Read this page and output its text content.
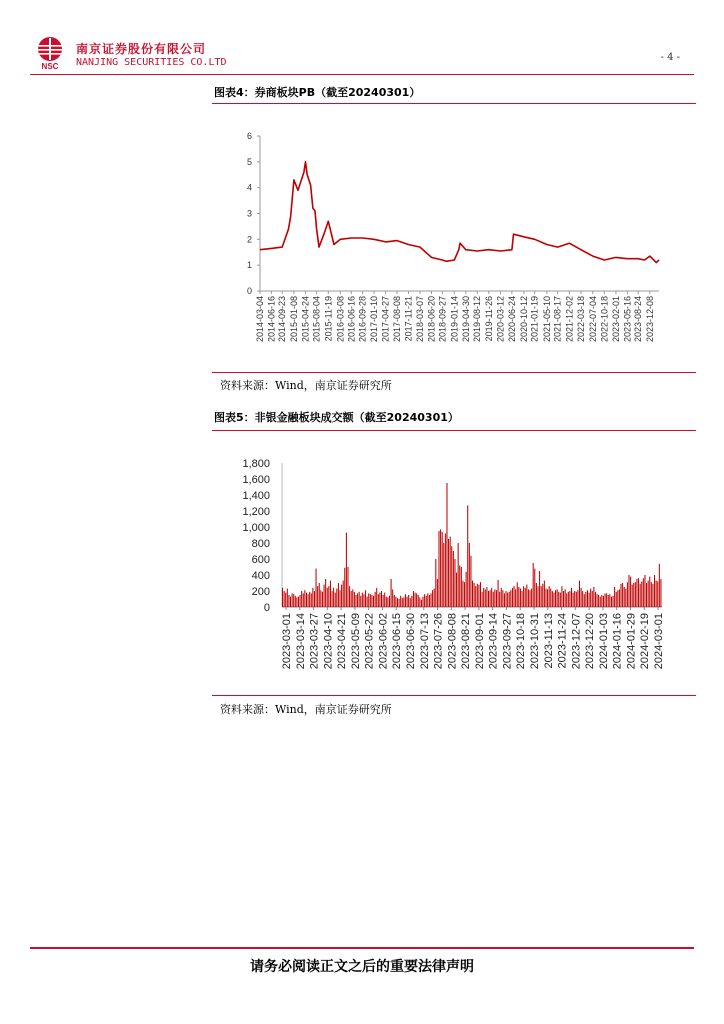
NSC
南京证券股份有限公司
NANJING SECURITIES CO.LTD	- 4 -
图表4：券商板块PB（截至20240301）
0
1
2
3
4
5
6
2014-03-04 2014-06-16 2014-09-23 2015-01-08 2015-04-24 2015-08-04 2015-11-19 2016-03-08 2016-06-16 2016-09-28 2017-01-10 2017-04-27 2017-08-08 2017-11-21 2018-03-07 2018-06-20 2018-09-27 2019-01-14 2019-04-30 2019-08-12 2019-11-26 2020-03-12 2020-06-24 2020-10-12 2021-01-19 2021-05-10 2021-08-17 2021-12-02 2022-03-18 2022-07-04 2022-10-18 2023-02-01 2023-05-16 2023-08-24 2023-12-08
资料来源：Wind，南京证券研究所
图表5：非银金融板块成交额（截至20240301）
0
200
400
600
800
1,000
1,200
1,400
1,600
1,800
2023-03-01 2023-03-14 2023-03-27 2023-04-10 2023-04-21 2023-05-09 2023-05-22 2023-06-02 2023-06-15 2023-06-30 2023-07-13 2023-07-26 2023-08-08 2023-08-21 2023-09-01 2023-09-14 2023-09-27 2023-10-18 2023-10-31 2023-11-13 2023-11-24 2023-12-07 2023-12-20 2024-01-03 2024-01-16 2024-01-29 2024-02-19 2024-03-01
资料来源：Wind，南京证券研究所
请务必阅读正文之后的重要法律声明
